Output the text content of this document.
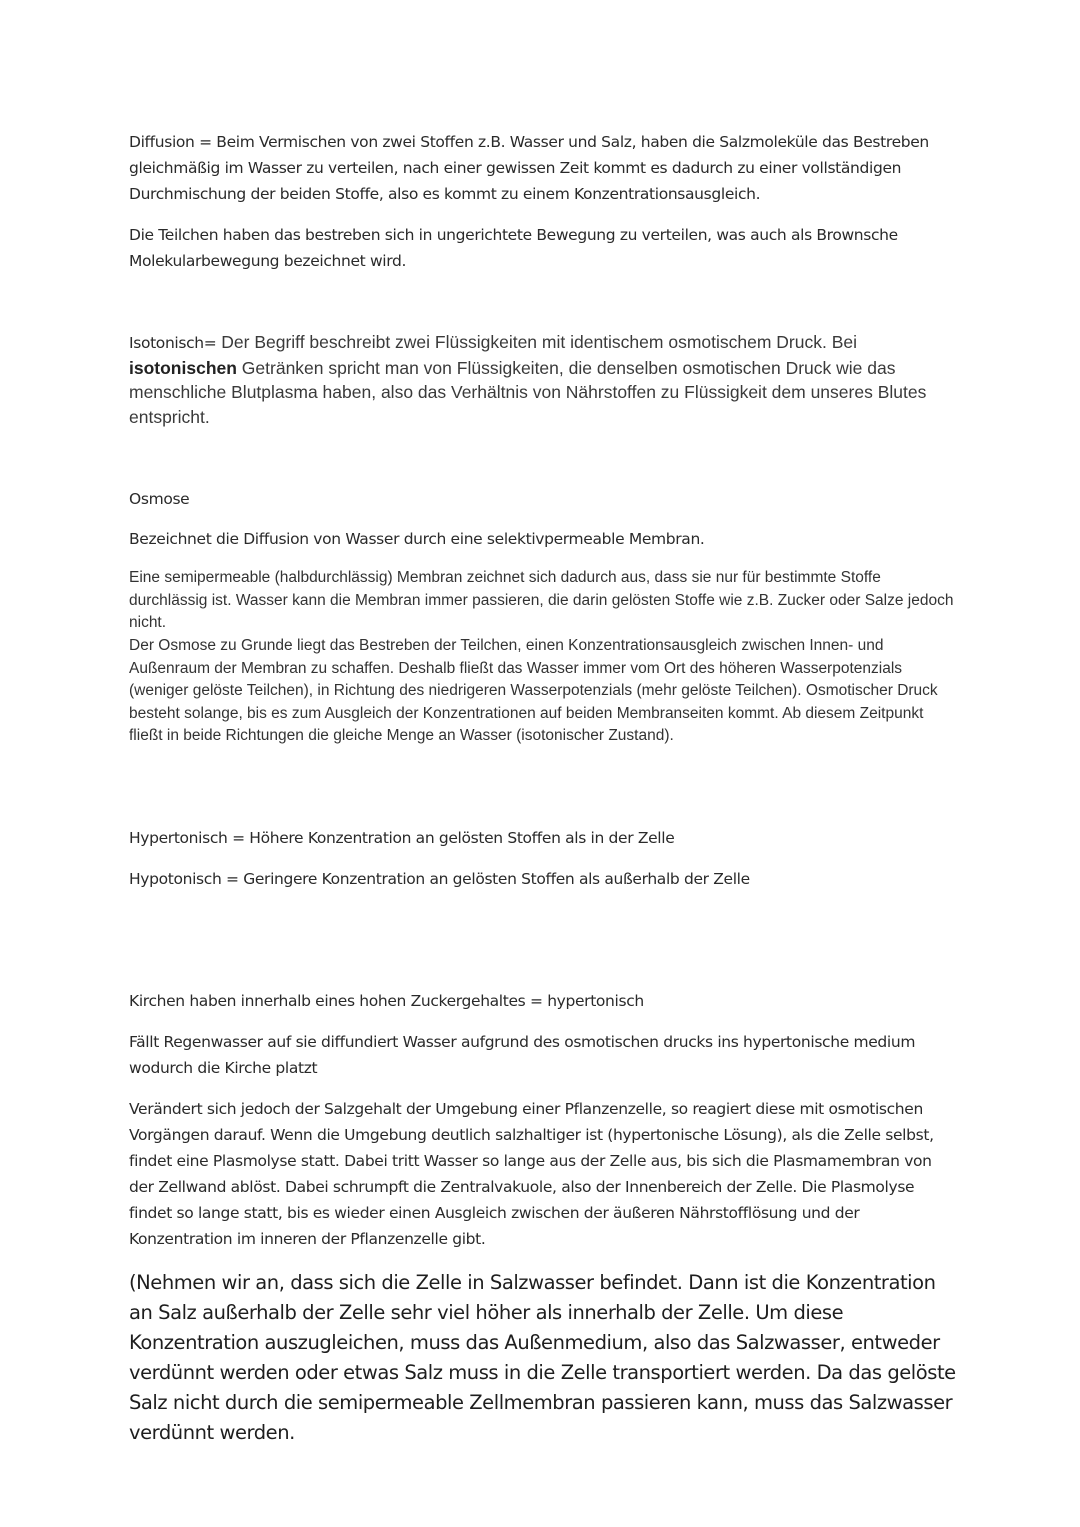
Diffusion = Beim Vermischen von zwei Stoffen z.B. Wasser und Salz, haben die Salzmoleküle das Bestreben gleichmäßig im Wasser zu verteilen, nach einer gewissen Zeit kommt es dadurch zu einer vollständigen Durchmischung der beiden Stoffe, also es kommt zu einem Konzentrationsausgleich.

Die Teilchen haben das bestreben sich in ungerichtete Bewegung zu verteilen, was auch als Brownsche Molekularbewegung bezeichnet wird.

Isotonisch= Der Begriff beschreibt zwei Flüssigkeiten mit identischem osmotischem Druck. Bei isotonischen Getränken spricht man von Flüssigkeiten, die denselben osmotischen Druck wie das menschliche Blutplasma haben, also das Verhältnis von Nährstoffen zu Flüssigkeit dem unseres Blutes entspricht.

Osmose

Bezeichnet die Diffusion von Wasser durch eine selektivpermeable Membran.

Eine semipermeable (halbdurchlässig) Membran zeichnet sich dadurch aus, dass sie nur für bestimmte Stoffe durchlässig ist. Wasser kann die Membran immer passieren, die darin gelösten Stoffe wie z.B. Zucker oder Salze jedoch nicht.

Der Osmose zu Grunde liegt das Bestreben der Teilchen, einen Konzentrationsausgleich zwischen Innen- und Außenraum der Membran zu schaffen. Deshalb fließt das Wasser immer vom Ort des höheren Wasserpotenzials (weniger gelöste Teilchen), in Richtung des niedrigeren Wasserpotenzials (mehr gelöste Teilchen). Osmotischer Druck besteht solange, bis es zum Ausgleich der Konzentrationen auf beiden Membranseiten kommt. Ab diesem Zeitpunkt fließt in beide Richtungen die gleiche Menge an Wasser (isotonischer Zustand).

Hypertonisch = Höhere Konzentration an gelösten Stoffen als in der Zelle

Hypotonisch = Geringere Konzentration an gelösten Stoffen als außerhalb der Zelle

Kirchen haben innerhalb eines hohen Zuckergehaltes = hypertonisch

Fällt Regenwasser auf sie diffundiert Wasser aufgrund des osmotischen drucks ins hypertonische medium wodurch die Kirche platzt

Verändert sich jedoch der Salzgehalt der Umgebung einer Pflanzenzelle, so reagiert diese mit osmotischen Vorgängen darauf. Wenn die Umgebung deutlich salzhaltiger ist (hypertonische Lösung), als die Zelle selbst, findet eine Plasmolyse statt. Dabei tritt Wasser so lange aus der Zelle aus, bis sich die Plasmamembran von der Zellwand ablöst. Dabei schrumpft die Zentralvakuole, also der Innenbereich der Zelle. Die Plasmolyse findet so lange statt, bis es wieder einen Ausgleich zwischen der äußeren Nährstofflösung und der Konzentration im inneren der Pflanzenzelle gibt.

(Nehmen wir an, dass sich die Zelle in Salzwasser befindet. Dann ist die Konzentration an Salz außerhalb der Zelle sehr viel höher als innerhalb der Zelle. Um diese Konzentration auszugleichen, muss das Außenmedium, also das Salzwasser, entweder verdünnt werden oder etwas Salz muss in die Zelle transportiert werden. Da das gelöste Salz nicht durch die semipermeable Zellmembran passieren kann, muss das Salzwasser verdünnt werden.
